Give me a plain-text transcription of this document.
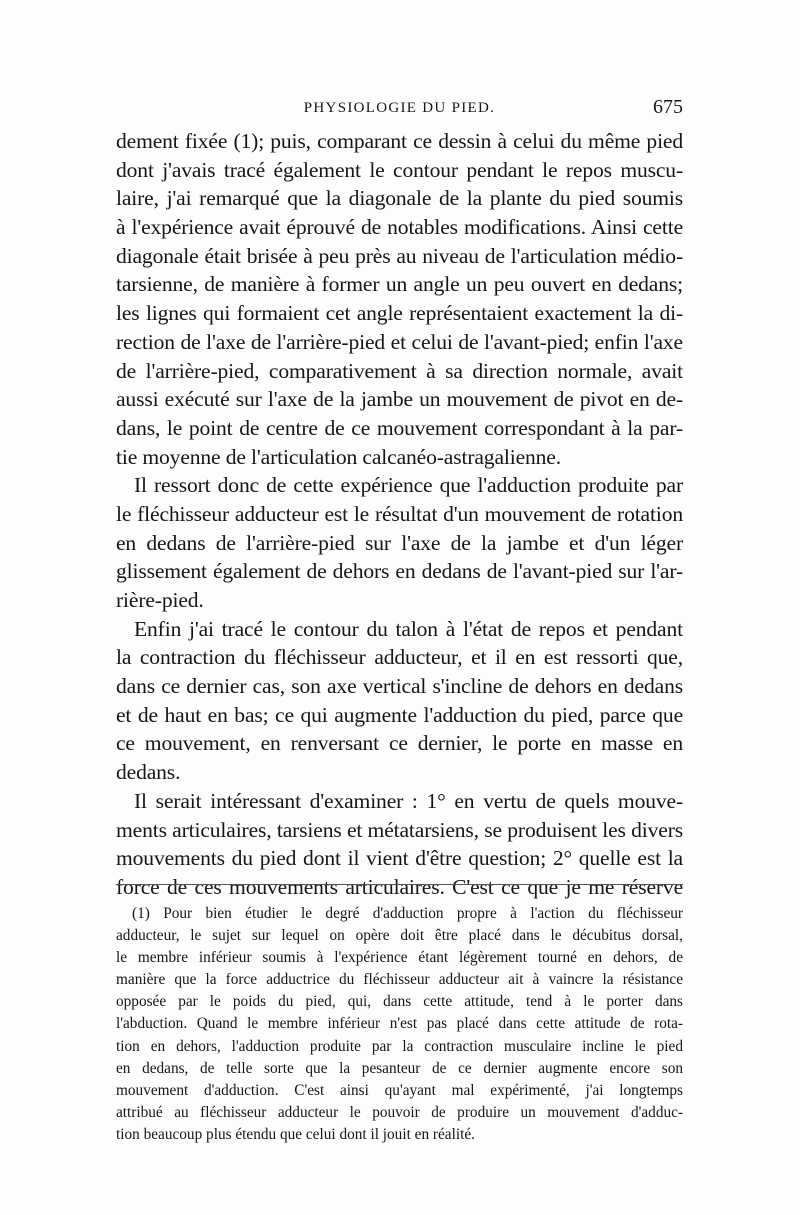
PHYSIOLOGIE DU PIED.	675
dement fixée (1); puis, comparant ce dessin à celui du même pied
dont j'avais tracé également le contour pendant le repos muscu-
laire, j'ai remarqué que la diagonale de la plante du pied soumis
à l'expérience avait éprouvé de notables modifications. Ainsi cette
diagonale était brisée à peu près au niveau de l'articulation médio-
tarsienne, de manière à former un angle un peu ouvert en dedans;
les lignes qui formaient cet angle représentaient exactement la di-
rection de l'axe de l'arrière-pied et celui de l'avant-pied; enfin l'axe
de l'arrière-pied, comparativement à sa direction normale, avait
aussi exécuté sur l'axe de la jambe un mouvement de pivot en de-
dans, le point de centre de ce mouvement correspondant à la par-
tie moyenne de l'articulation calcanéo-astragalienne.
Il ressort donc de cette expérience que l'adduction produite par
le fléchisseur adducteur est le résultat d'un mouvement de rotation
en dedans de l'arrière-pied sur l'axe de la jambe et d'un léger
glissement également de dehors en dedans de l'avant-pied sur l'ar-
rière-pied.
Enfin j'ai tracé le contour du talon à l'état de repos et pendant
la contraction du fléchisseur adducteur, et il en est ressorti que,
dans ce dernier cas, son axe vertical s'incline de dehors en dedans
et de haut en bas; ce qui augmente l'adduction du pied, parce que
ce mouvement, en renversant ce dernier, le porte en masse en
dedans.
Il serait intéressant d'examiner : 1° en vertu de quels mouve-
ments articulaires, tarsiens et métatarsiens, se produisent les divers
mouvements du pied dont il vient d'être question; 2° quelle est la
force de ces mouvements articulaires. C'est ce que je me réserve
(1) Pour bien étudier le degré d'adduction propre à l'action du fléchisseur
adducteur, le sujet sur lequel on opère doit être placé dans le décubitus dorsal,
le membre inférieur soumis à l'expérience étant légèrement tourné en dehors, de
manière que la force adductrice du fléchisseur adducteur ait à vaincre la résistance
opposée par le poids du pied, qui, dans cette attitude, tend à le porter dans
l'abduction. Quand le membre inférieur n'est pas placé dans cette attitude de rota-
tion en dehors, l'adduction produite par la contraction musculaire incline le pied
en dedans, de telle sorte que la pesanteur de ce dernier augmente encore son
mouvement d'adduction. C'est ainsi qu'ayant mal expérimenté, j'ai longtemps
attribué au fléchisseur adducteur le pouvoir de produire un mouvement d'adduc-
tion beaucoup plus étendu que celui dont il jouit en réalité.
